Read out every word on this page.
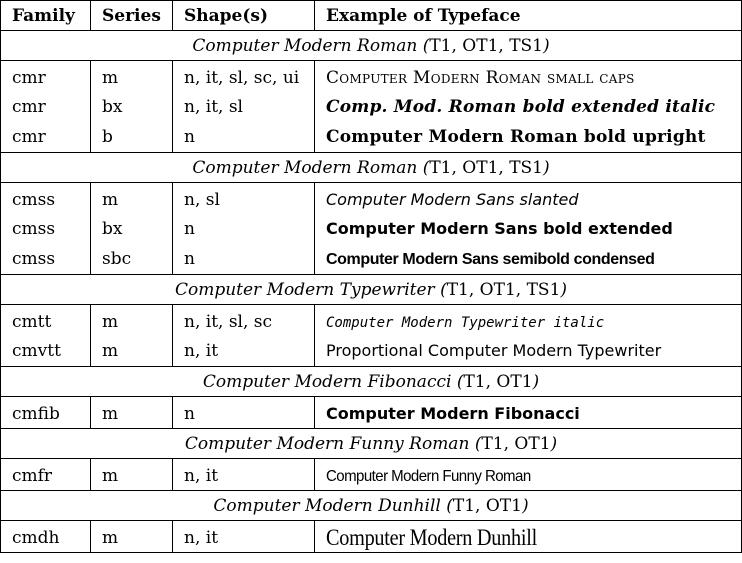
Family	Series	Shape(s)	Example of Typeface
Computer Modern Roman (T1, OT1, TS1)			
cmr	m	n, it, sl, sc, ui	Computer Modern Roman small caps
cmr	bx	n, it, sl	Comp. Mod. Roman bold extended italic
cmr	b	n	Computer Modern Roman bold upright
Computer Modern Roman (T1, OT1, TS1)			
cmss	m	n, sl	Computer Modern Sans slanted
cmss	bx	n	Computer Modern Sans bold extended
cmss	sbc	n	Computer Modern Sans semibold condensed
Computer Modern Typewriter (T1, OT1, TS1)			
cmtt	m	n, it, sl, sc	Computer Modern Typewriter italic
cmvtt	m	n, it	Proportional Computer Modern Typewriter
Computer Modern Fibonacci (T1, OT1)			
cmfib	m	n	Computer Modern Fibonacci
Computer Modern Funny Roman (T1, OT1)			
cmfr	m	n, it	Computer Modern Funny Roman
Computer Modern Dunhill (T1, OT1)			
cmdh	m	n, it	Computer Modern Dunhill
